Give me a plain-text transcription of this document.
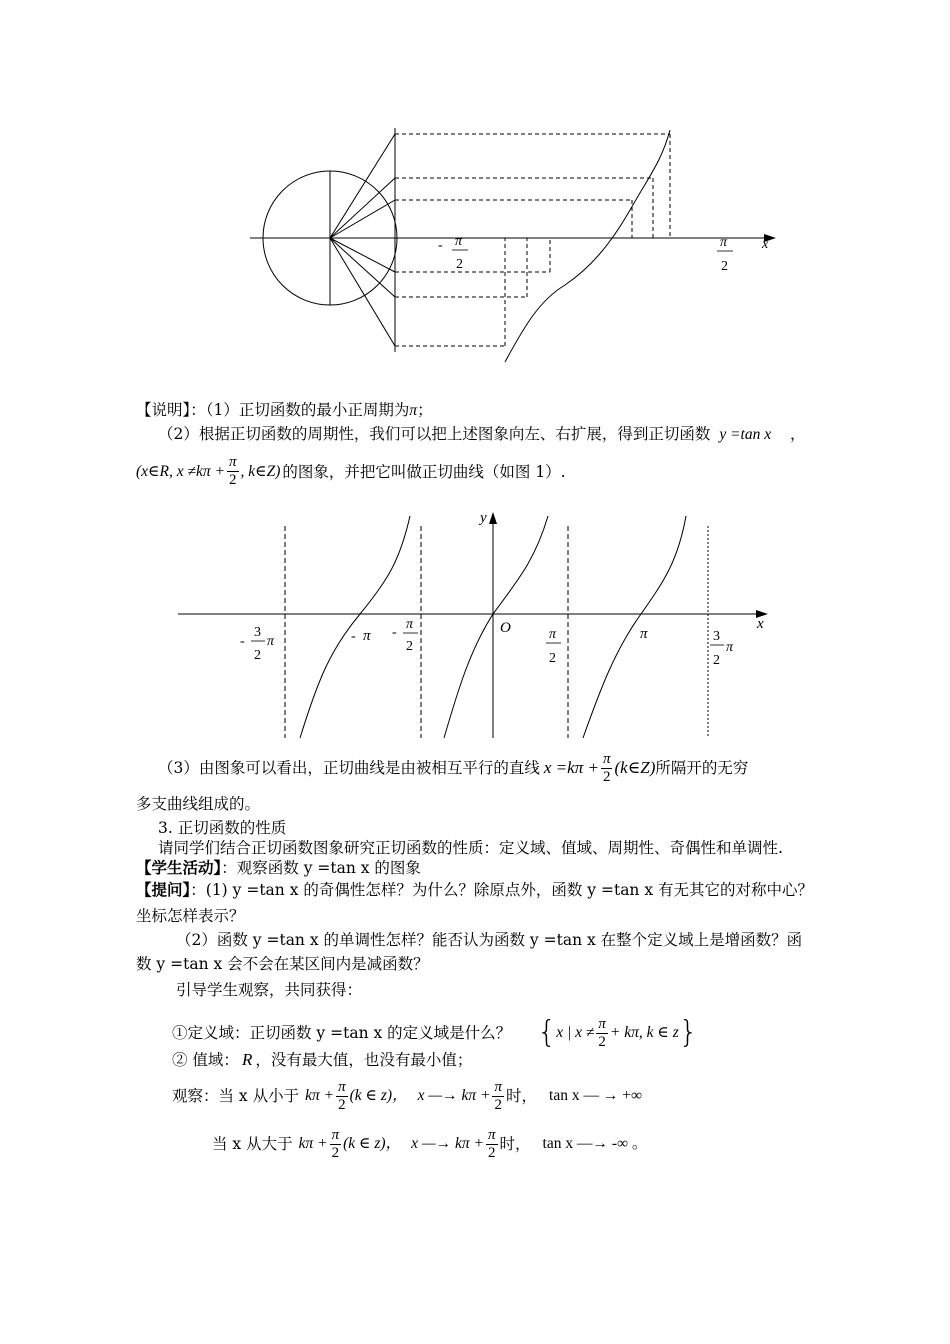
- π
2
π
2
x
【说明】：（1）正切函数的最小正周期为π；
（2）根据正切函数的周期性，我们可以把上述图象向左、右扩展，得到正切函数 y =tan x ，
(x∈R, $x \ne k\pi + \frac{\pi}{2}$ , k∈Z) 的图象，并把它叫做正切曲线（如图 1）.
y
x
O
-
3
2
π	- π -
π
2
π
2
π	3
2
π
（3）由图象可以看出，正切曲线是由被相互平行的直线 $x =k\pi + \frac{\pi}{2}$ (k∈Z) 所隔开的无穷
多支曲线组成的。
3. 正切函数的性质
请同学们结合正切函数图象研究正切函数的性质：定义域、值域、周期性、奇偶性和单调性.
【学生活动】：观察函数 y =tan x 的图象
【提问】：(1) y =tan x 的奇偶性怎样？为什么？除原点外，函数 y =tan x 有无其它的对称中心？
坐标怎样表示？
（2）函数 y =tan x 的单调性怎样？能否认为函数 y =tan x 在整个定义域上是增函数？函
数 y =tan x 会不会在某区间内是减函数？
引导学生观察，共同获得：
①定义域：正切函数 y =tan x 的定义域是什么？ { x | $x \ne \frac{\pi}{2} + k\pi$, k ∈ z }
② 值域： R ，没有最大值，也没有最小值；
观察：当 x 从小于 $k\pi + \frac{\pi}{2} (k$ ∈ z)， x —→ $k\pi + \frac{\pi}{2}$ 时， tan x — → +∞
当 x 从大于 $k\pi + \frac{\pi}{2} (k$ ∈ z)， x —→ $k\pi + \frac{\pi}{2}$ 时， tan x —→ -∞ 。
